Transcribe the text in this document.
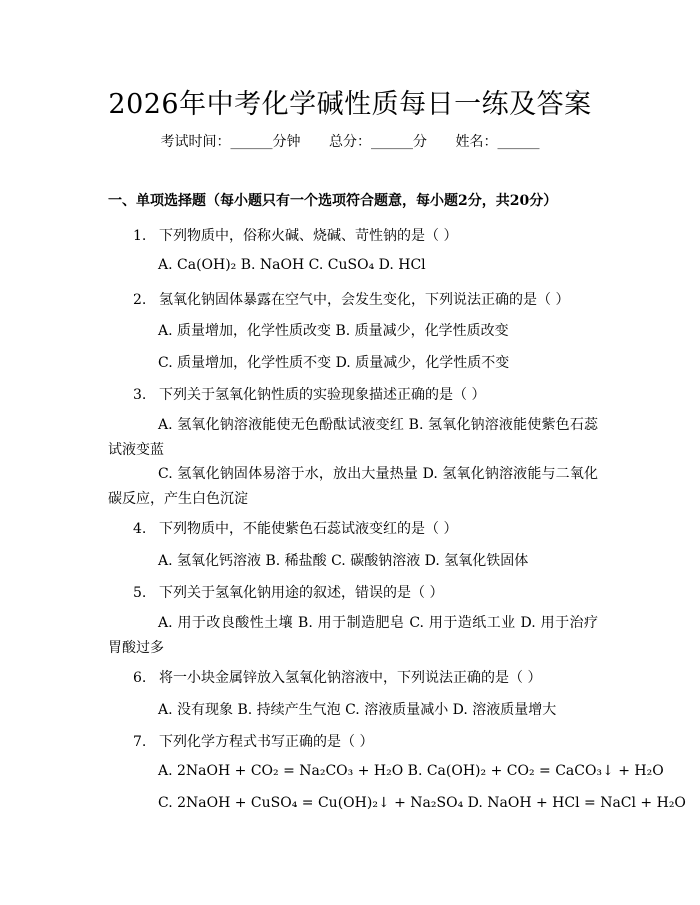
2026年中考化学碱性质每日一练及答案
考试时间：______分钟 总分：______分 姓名：______
一、单项选择题（每小题只有一个选项符合题意，每小题2分，共20分）
1. 下列物质中，俗称火碱、烧碱、苛性钠的是（ ）
A. Ca(OH)₂ B. NaOH C. CuSO₄ D. HCl
2. 氢氧化钠固体暴露在空气中，会发生变化，下列说法正确的是（ ）
A. 质量增加，化学性质改变 B. 质量减少，化学性质改变
C. 质量增加，化学性质不变 D. 质量减少，化学性质不变
3. 下列关于氢氧化钠性质的实验现象描述正确的是（ ）
A. 氢氧化钠溶液能使无色酚酞试液变红 B. 氢氧化钠溶液能使紫色石蕊试液变蓝
C. 氢氧化钠固体易溶于水，放出大量热量 D. 氢氧化钠溶液能与二氧化碳反应，产生白色沉淀
4. 下列物质中，不能使紫色石蕊试液变红的是（ ）
A. 氢氧化钙溶液 B. 稀盐酸 C. 碳酸钠溶液 D. 氢氧化铁固体
5. 下列关于氢氧化钠用途的叙述，错误的是（ ）
A. 用于改良酸性土壤 B. 用于制造肥皂 C. 用于造纸工业 D. 用于治疗胃酸过多
6. 将一小块金属锌放入氢氧化钠溶液中，下列说法正确的是（ ）
A. 没有现象 B. 持续产生气泡 C. 溶液质量减小 D. 溶液质量增大
7. 下列化学方程式书写正确的是（ ）
A. 2NaOH + CO₂ = Na₂CO₃ + H₂O B. Ca(OH)₂ + CO₂ = CaCO₃↓ + H₂O
C. 2NaOH + CuSO₄ = Cu(OH)₂↓ + Na₂SO₄ D. NaOH + HCl = NaCl + H₂O
